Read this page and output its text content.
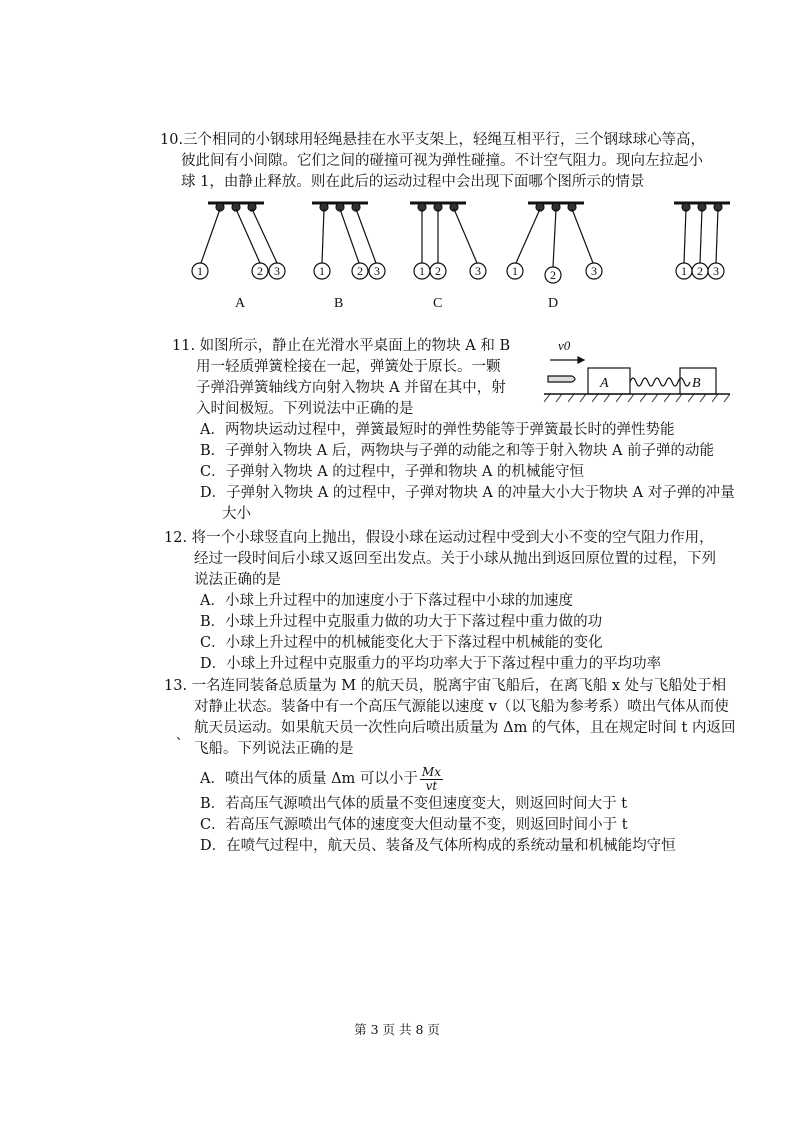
10.三个相同的小钢球用轻绳悬挂在水平支架上，轻绳互相平行，三个钢球球心等高，
彼此间有小间隙。它们之间的碰撞可视为弹性碰撞。不计空气阻力。现向左拉起小
球 1，由静止释放。则在此后的运动过程中会出现下面哪个图所示的情景
1	2 3
A
1	2 3
B
1 2	3
C
1	2	3
D
1 2 3
11. 如图所示，静止在光滑水平桌面上的物块 A 和 B
用一轻质弹簧栓接在一起，弹簧处于原长。一颗
子弹沿弹簧轴线方向射入物块 A 并留在其中，射
入时间极短。下列说法中正确的是
A．两物块运动过程中，弹簧最短时的弹性势能等于弹簧最长时的弹性势能
B．子弹射入物块 A 后，两物块与子弹的动能之和等于射入物块 A 前子弹的动能
C．子弹射入物块 A 的过程中，子弹和物块 A 的机械能守恒
D．子弹射入物块 A 的过程中，子弹对物块 A 的冲量大小大于物块 A 对子弹的冲量
大小
v0
A	B
12. 将一个小球竖直向上抛出，假设小球在运动过程中受到大小不变的空气阻力作用，
经过一段时间后小球又返回至出发点。关于小球从抛出到返回原位置的过程，下列
说法正确的是
A．小球上升过程中的加速度小于下落过程中小球的加速度
B．小球上升过程中克服重力做的功大于下落过程中重力做的功
C．小球上升过程中的机械能变化大于下落过程中机械能的变化
D．小球上升过程中克服重力的平均功率大于下落过程中重力的平均功率
13. 一名连同装备总质量为 M 的航天员，脱离宇宙飞船后，在离飞船 x 处与飞船处于相
对静止状态。装备中有一个高压气源能以速度 v（以飞船为参考系）喷出气体从而使
航天员运动。如果航天员一次性向后喷出质量为 Δm 的气体，且在规定时间 t 内返回
飞船。下列说法正确的是
A．喷出气体的质量 Δm 可以小于 $\frac{Mx}{vt}$
B．若高压气源喷出气体的质量不变但速度变大，则返回时间大于 t
C．若高压气源喷出气体的速度变大但动量不变，则返回时间小于 t
D．在喷气过程中，航天员、装备及气体所构成的系统动量和机械能均守恒
、
第 3 页 共 8 页
